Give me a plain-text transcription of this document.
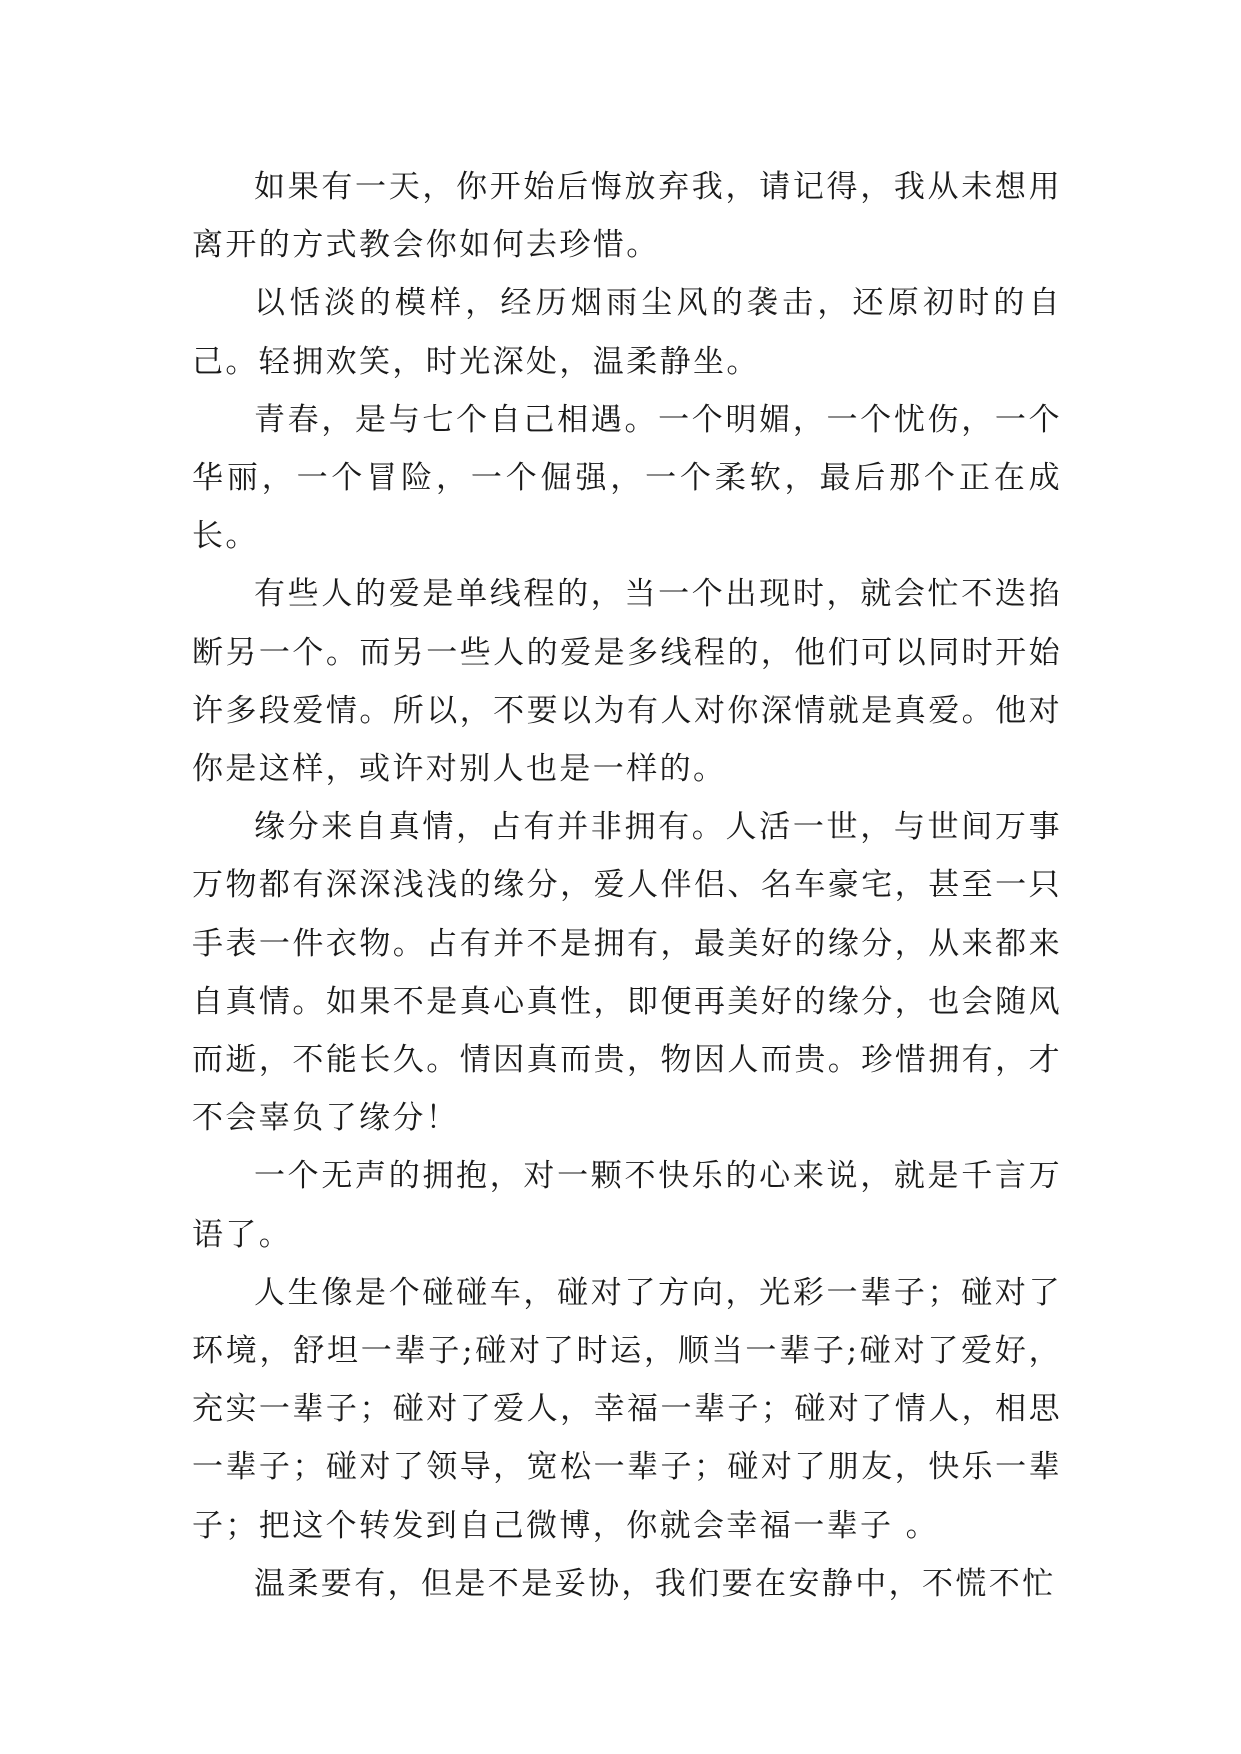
如果有一天，你开始后悔放弃我，请记得，我从未想用离开的方式教会你如何去珍惜。

以恬淡的模样，经历烟雨尘风的袭击，还原初时的自己。轻拥欢笑，时光深处，温柔静坐。

青春，是与七个自己相遇。一个明媚，一个忧伤，一个华丽，一个冒险，一个倔强，一个柔软，最后那个正在成长。

有些人的爱是单线程的，当一个出现时，就会忙不迭掐断另一个。而另一些人的爱是多线程的，他们可以同时开始许多段爱情。所以，不要以为有人对你深情就是真爱。他对你是这样，或许对别人也是一样的。

缘分来自真情，占有并非拥有。人活一世，与世间万事万物都有深深浅浅的缘分，爱人伴侣、名车豪宅，甚至一只手表一件衣物。占有并不是拥有，最美好的缘分，从来都来自真情。如果不是真心真性，即便再美好的缘分，也会随风而逝，不能长久。情因真而贵，物因人而贵。珍惜拥有，才不会辜负了缘分！

一个无声的拥抱，对一颗不快乐的心来说，就是千言万语了。

人生像是个碰碰车，碰对了方向，光彩一辈子；碰对了环境，舒坦一辈子;碰对了时运，顺当一辈子;碰对了爱好，充实一辈子；碰对了爱人，幸福一辈子；碰对了情人，相思一辈子；碰对了领导，宽松一辈子；碰对了朋友，快乐一辈子；把这个转发到自己微博，你就会幸福一辈子 。

温柔要有，但是不是妥协，我们要在安静中，不慌不忙
